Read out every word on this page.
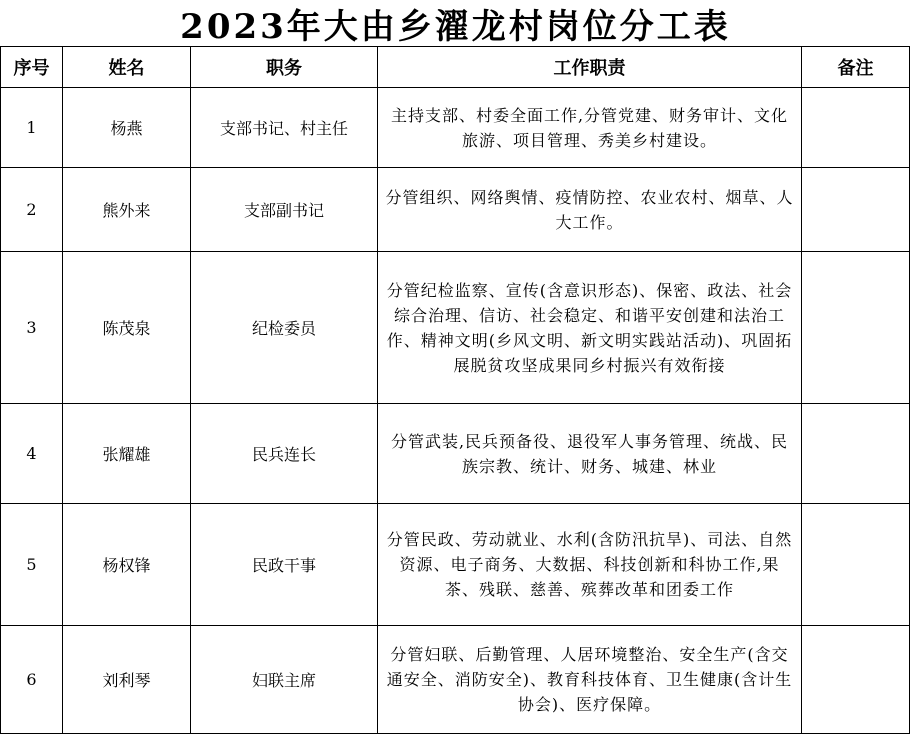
2023年大由乡濯龙村岗位分工表
序号	姓名	职务	工作职责	备注
1	杨燕	支部书记、村主任	主持支部、村委全面工作,分管党建、财务审计、文化旅游、项目管理、秀美乡村建设。	
2	熊外来	支部副书记	分管组织、网络舆情、疫情防控、农业农村、烟草、人大工作。	
3	陈茂泉	纪检委员	分管纪检监察、宣传(含意识形态)、保密、政法、社会综合治理、信访、社会稳定、和谐平安创建和法治工作、精神文明(乡风文明、新文明实践站活动)、巩固拓展脱贫攻坚成果同乡村振兴有效衔接	
4	张耀雄	民兵连长	分管武装,民兵预备役、退役军人事务管理、统战、民族宗教、统计、财务、城建、林业	
5	杨权锋	民政干事	分管民政、劳动就业、水利(含防汛抗旱)、司法、自然资源、电子商务、大数据、科技创新和科协工作,果茶、残联、慈善、殡葬改革和团委工作	
6	刘利琴	妇联主席	分管妇联、后勤管理、人居环境整治、安全生产(含交通安全、消防安全)、教育科技体育、卫生健康(含计生协会)、医疗保障。	
